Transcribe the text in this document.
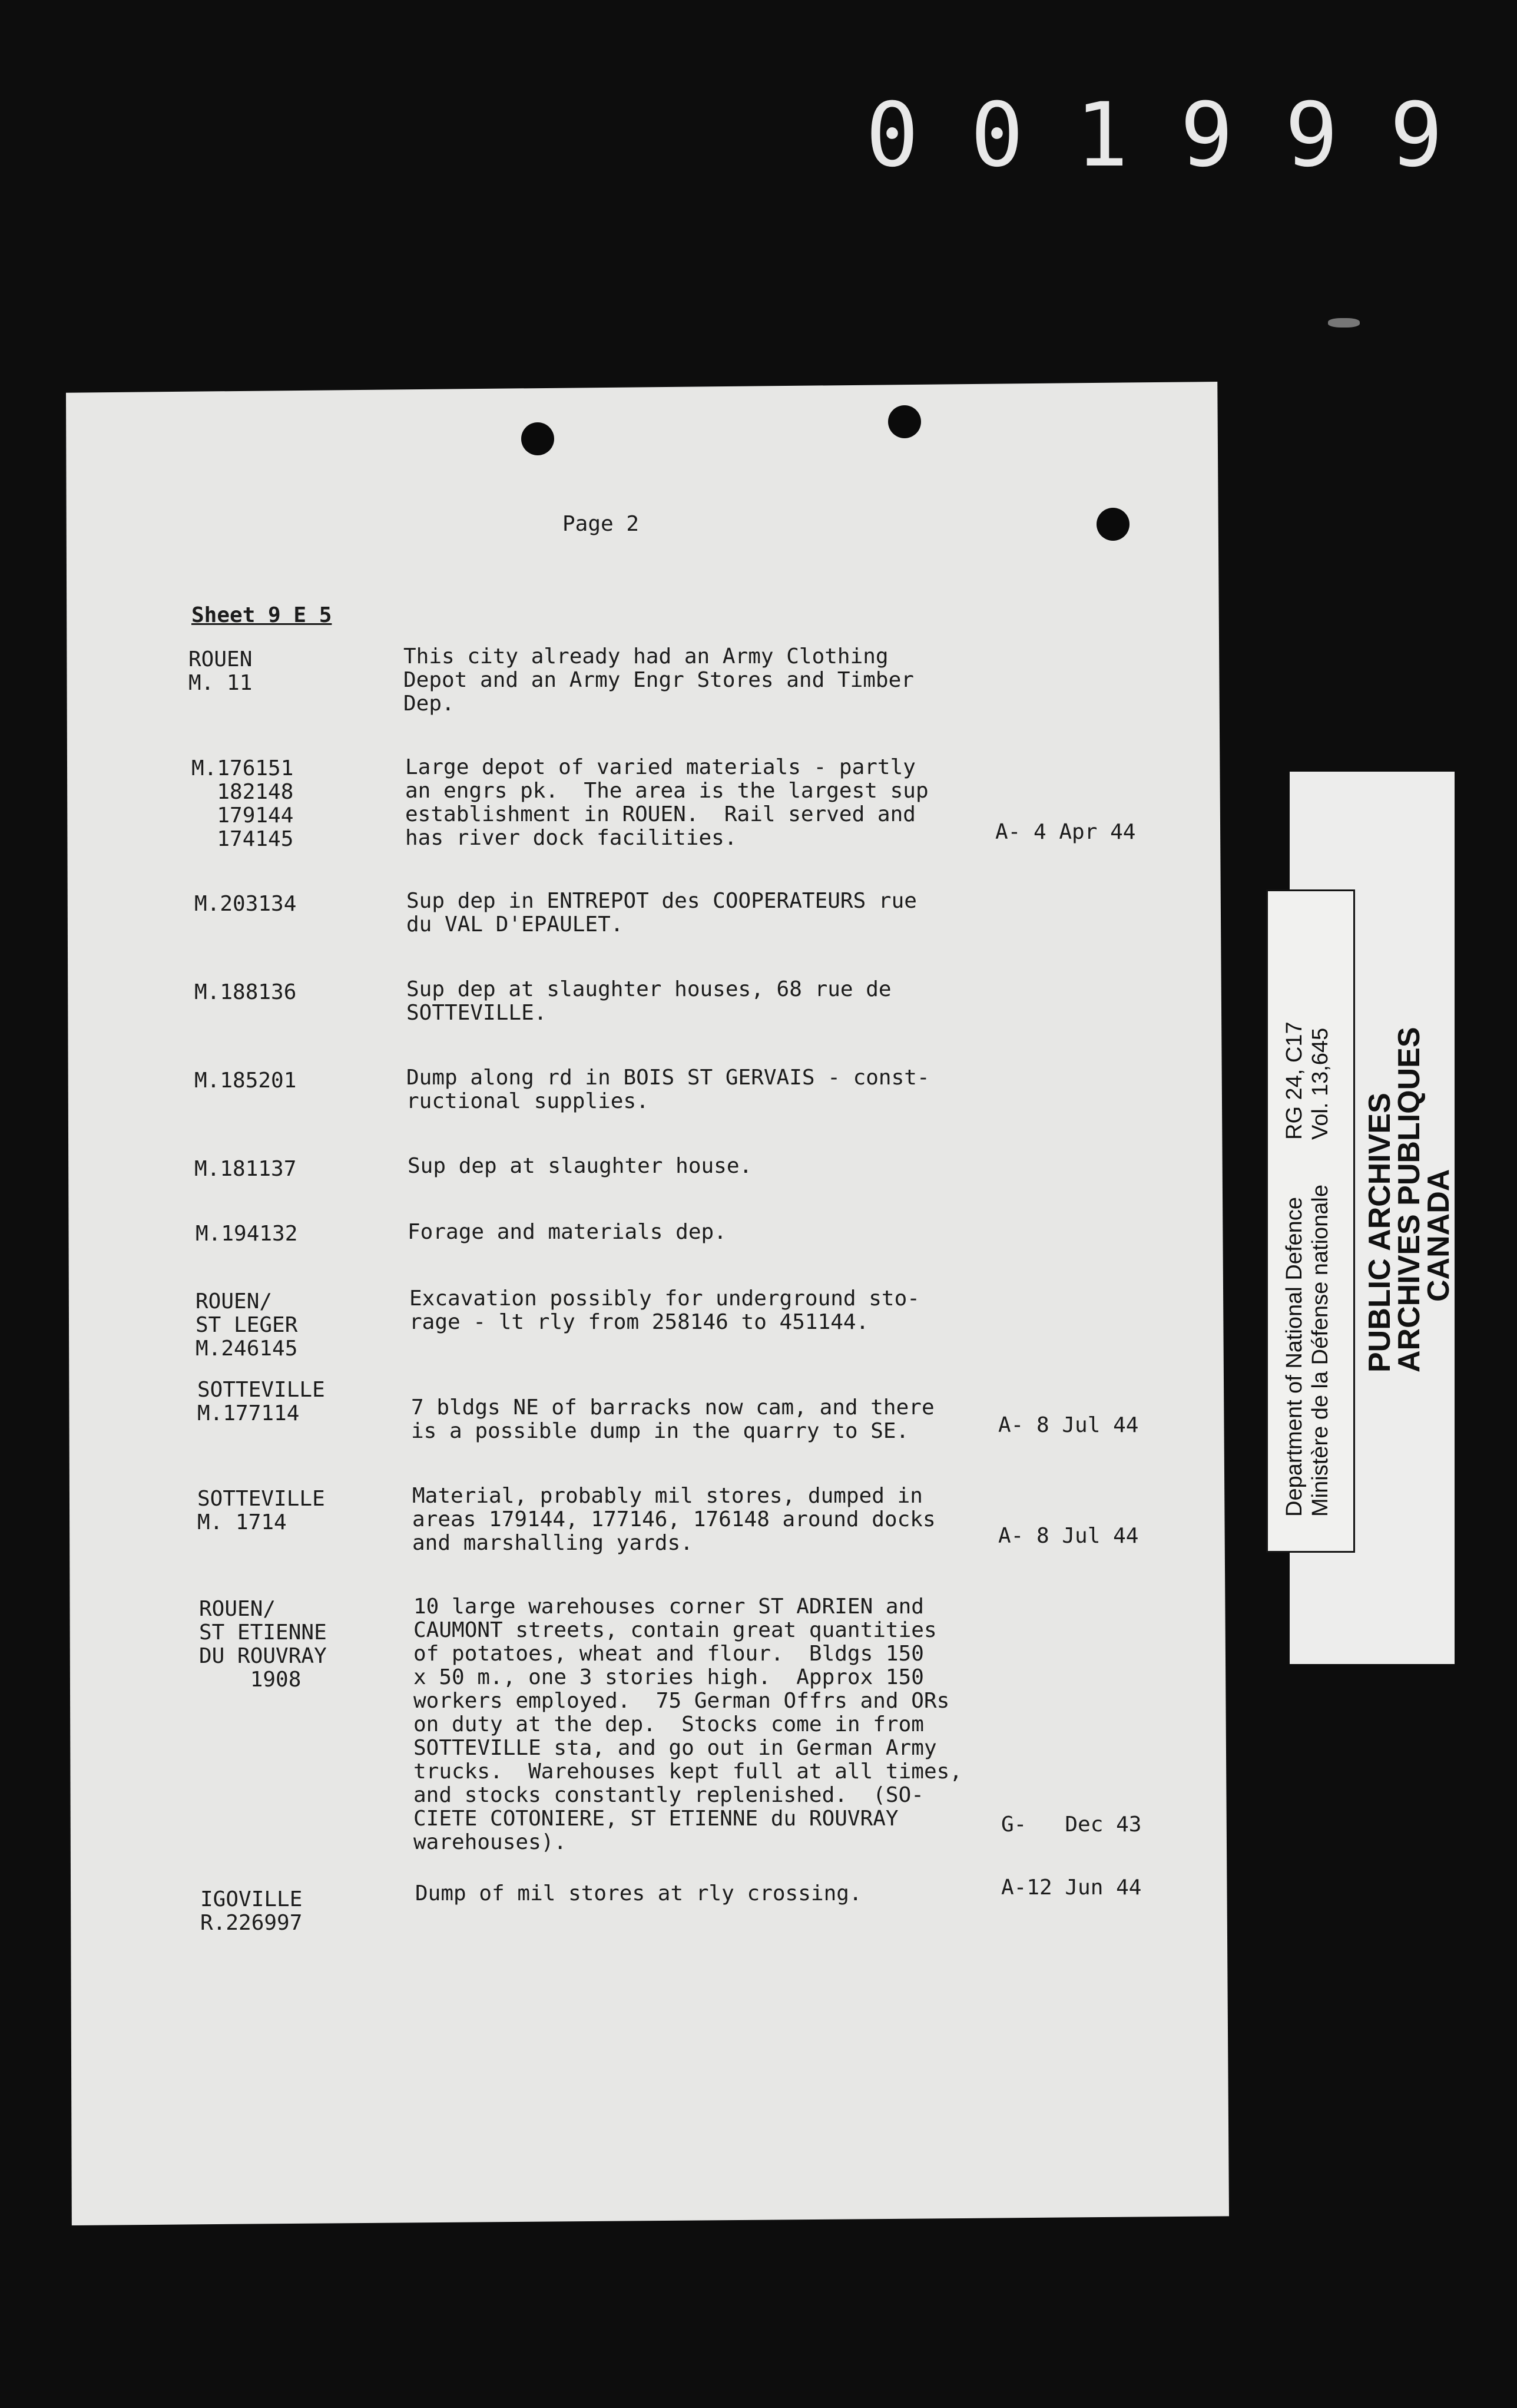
0 0 1 9 9 9
Page 2
Sheet 9 E 5
ROUEN
M. 11
M.176151
182148
179144
174145
M.203134
M.188136
M.185201
M.181137
M.194132
ROUEN/
ST LEGER
M.246145
SOTTEVILLE
M.177114
SOTTEVILLE
M. 1714
ROUEN/
ST ETIENNE
DU ROUVRAY
1908
IGOVILLE
R.226997
This city already had an Army Clothing
Depot and an Army Engr Stores and Timber
Dep.
Large depot of varied materials - partly
an engrs pk.  The area is the largest sup
establishment in ROUEN.  Rail served and
has river dock facilities.
Sup dep in ENTREPOT des COOPERATEURS rue
du VAL D'EPAULET.
Sup dep at slaughter houses, 68 rue de
SOTTEVILLE.
Dump along rd in BOIS ST GERVAIS - const-
ructional supplies.
Sup dep at slaughter house.
Forage and materials dep.
Excavation possibly for underground sto-
rage - lt rly from 258146 to 451144.
7 bldgs NE of barracks now cam, and there
is a possible dump in the quarry to SE.
Material, probably mil stores, dumped in
areas 179144, 177146, 176148 around docks
and marshalling yards.
10 large warehouses corner ST ADRIEN and
CAUMONT streets, contain great quantities
of potatoes, wheat and flour.  Bldgs 150
x 50 m., one 3 stories high.  Approx 150
workers employed.  75 German Offrs and ORs
on duty at the dep.  Stocks come in from
SOTTEVILLE sta, and go out in German Army
trucks.  Warehouses kept full at all times,
and stocks constantly replenished.  (SO-
CIETE COTONIERE, ST ETIENNE du ROUVRAY
warehouses).
Dump of mil stores at rly crossing.
A- 4 Apr 44
A- 8 Jul 44
A- 8 Jul 44
G-   Dec 43
A-12 Jun 44
Department of National Defence Ministère de la Défense nationale
RG 24, C17 Vol. 13,645
PUBLIC ARCHIVES
ARCHIVES PUBLIQUES
CANADA
